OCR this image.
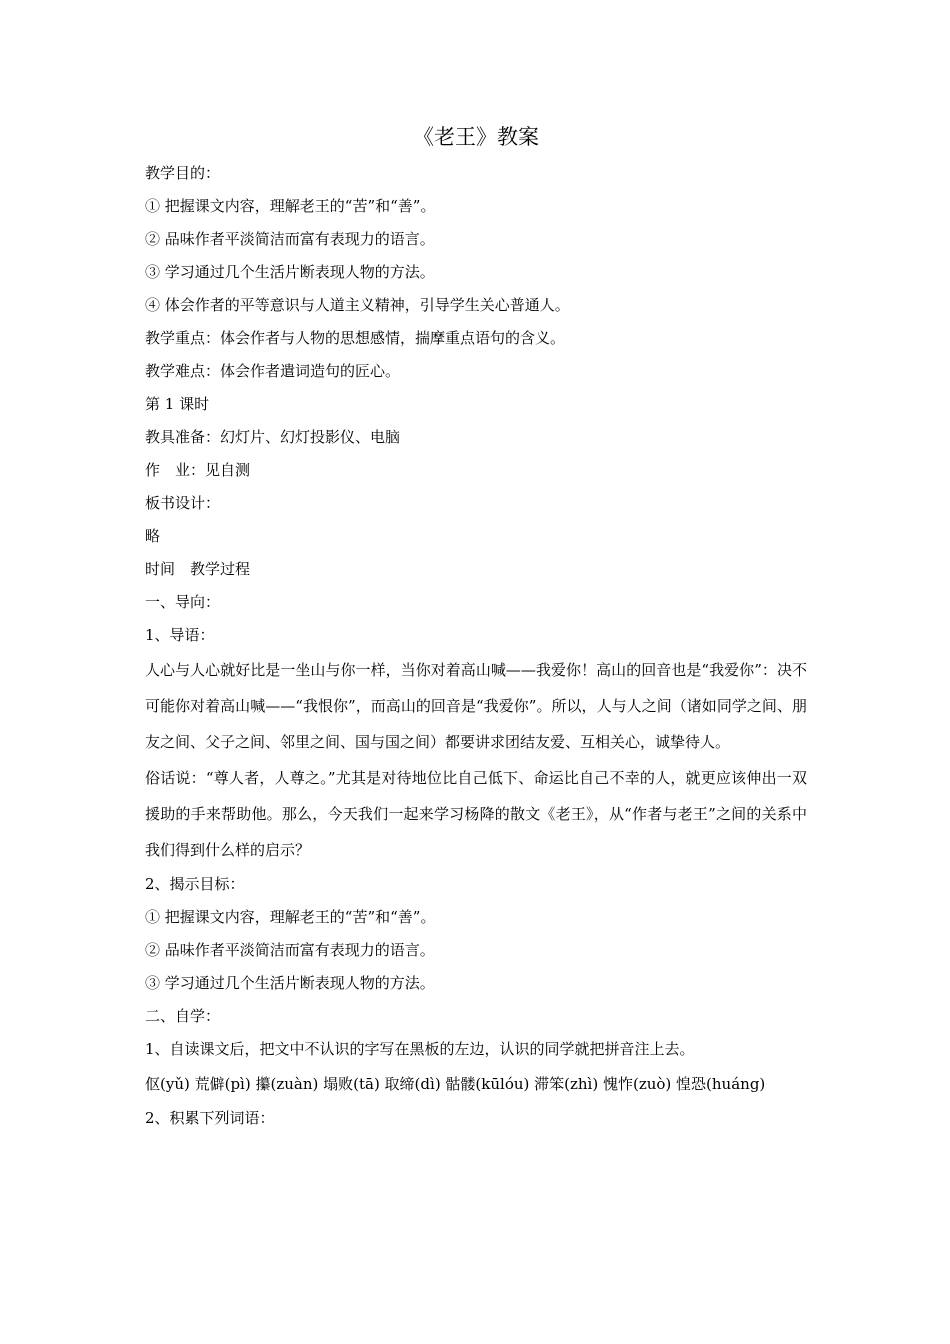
《老王》教案

教学目的：

① 把握课文内容，理解老王的“苦”和“善”。

② 品味作者平淡简洁而富有表现力的语言。

③ 学习通过几个生活片断表现人物的方法。

④ 体会作者的平等意识与人道主义精神，引导学生关心普通人。

教学重点：体会作者与人物的思想感情，揣摩重点语句的含义。

教学难点：体会作者遣词造句的匠心。

第 1 课时

教具准备：幻灯片、幻灯投影仪、电脑

作　业：见自测

板书设计：

略

时间　教学过程

一、导向：

1、导语：

人心与人心就好比是一坐山与你一样，当你对着高山喊——我爱你！高山的回音也是“我爱你”：决不可能你对着高山喊——“我恨你”，而高山的回音是“我爱你”。所以，人与人之间（诸如同学之间、朋友之间、父子之间、邻里之间、国与国之间）都要讲求团结友爱、互相关心，诚挚待人。

俗话说：“尊人者，人尊之。”尤其是对待地位比自己低下、命运比自己不幸的人，就更应该伸出一双援助的手来帮助他。那么，今天我们一起来学习杨降的散文《老王》，从“作者与老王”之间的关系中我们得到什么样的启示？

2、揭示目标：

① 把握课文内容，理解老王的“苦”和“善”。

② 品味作者平淡简洁而富有表现力的语言。

③ 学习通过几个生活片断表现人物的方法。

二、自学：

1、自读课文后，把文中不认识的字写在黑板的左边，认识的同学就把拼音注上去。

伛(yǔ) 荒僻(pì) 攥(zuàn) 塌败(tā) 取缔(dì) 骷髅(kūlóu) 滞笨(zhì) 愧怍(zuò) 惶恐(huáng)

2、积累下列词语：
